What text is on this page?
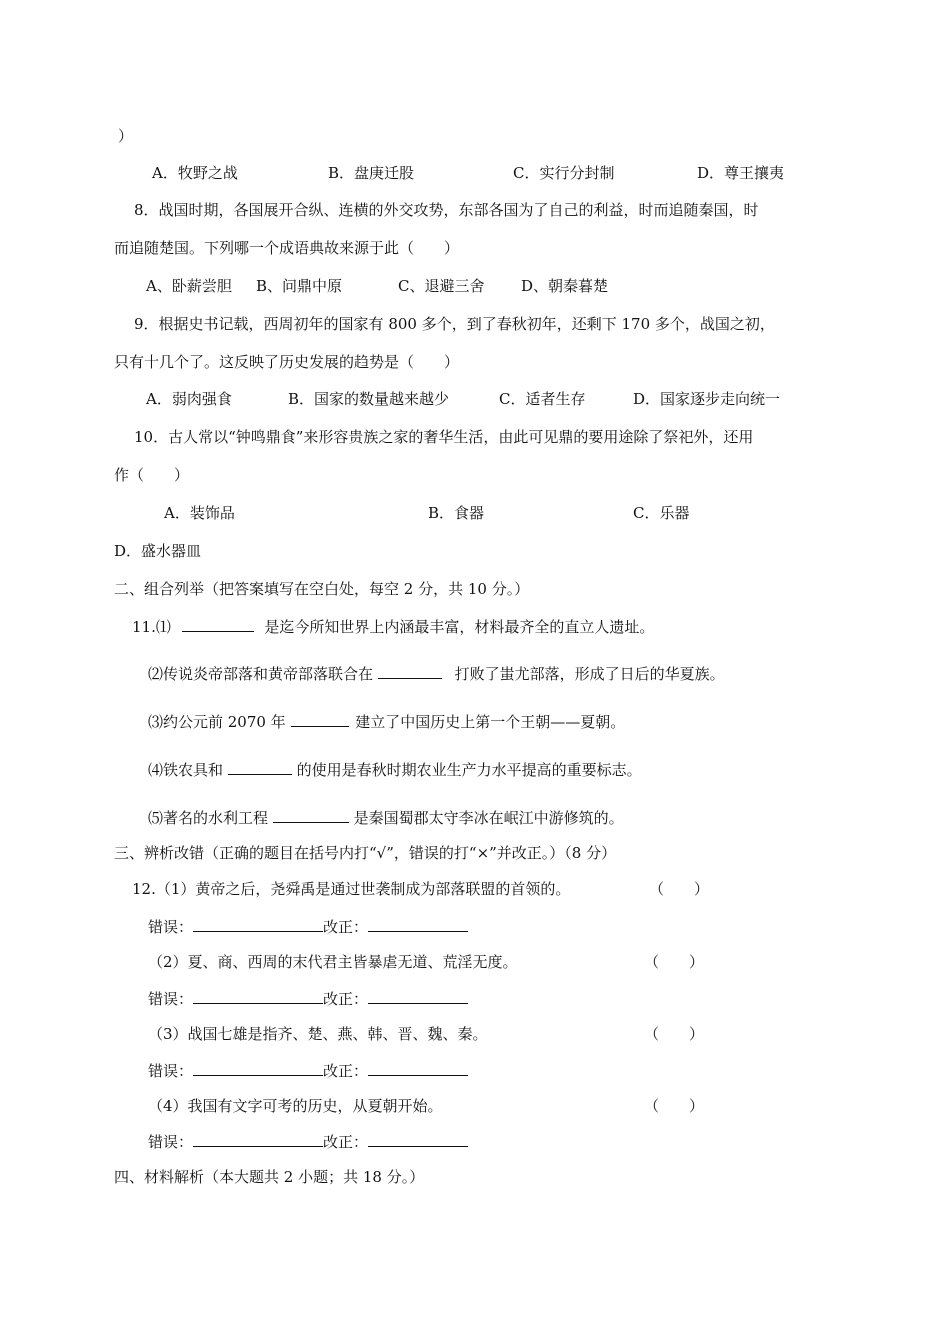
）
A．牧野之战	B．盘庚迁股	C．实行分封制	D．尊王攘夷
8．战国时期，各国展开合纵、连横的外交攻势，东部各国为了自己的利益，时而追随秦国，时
而追随楚国。下列哪一个成语典故来源于此（　　）
A、卧薪尝胆 B、问鼎中原	C、退避三舍 D、朝秦暮楚
9．根据史书记载，西周初年的国家有 800 多个，到了春秋初年，还剩下 170 多个，战国之初，
只有十几个了。这反映了历史发展的趋势是（　　）
A．弱肉强食	B．国家的数量越来越少	C．适者生存	D．国家逐步走向统一
10．古人常以“钟鸣鼎食”来形容贵族之家的奢华生活，由此可见鼎的要用途除了祭祀外，还用
作（　　）
A．装饰品	B．食器	C．乐器
D．盛水器皿
二、组合列举（把答案填写在空白处，每空 2 分，共 10 分。）
11.⑴	是迄今所知世界上内涵最丰富，材料最齐全的直立人遗址。
⑵传说炎帝部落和黄帝部落联合在	打败了蚩尤部落，形成了日后的华夏族。
⑶约公元前 2070 年	建立了中国历史上第一个王朝——夏朝。
⑷铁农具和	的使用是春秋时期农业生产力水平提高的重要标志。
⑸著名的水利工程	是秦国蜀郡太守李冰在岷江中游修筑的。
三、辨析改错（正确的题目在括号内打“√”，错误的打“×”并改正。）（8 分）
12.（1）黄帝之后，尧舜禹是通过世袭制成为部落联盟的首领的。	（　　）
错误：	改正：
（2）夏、商、西周的末代君主皆暴虐无道、荒淫无度。	（　　）
错误：	改正：
（3）战国七雄是指齐、楚、燕、韩、晋、魏、秦。	（　　）
错误：	改正：
（4）我国有文字可考的历史，从夏朝开始。	（　　）
错误：	改正：
四、材料解析（本大题共 2 小题；共 18 分。）
